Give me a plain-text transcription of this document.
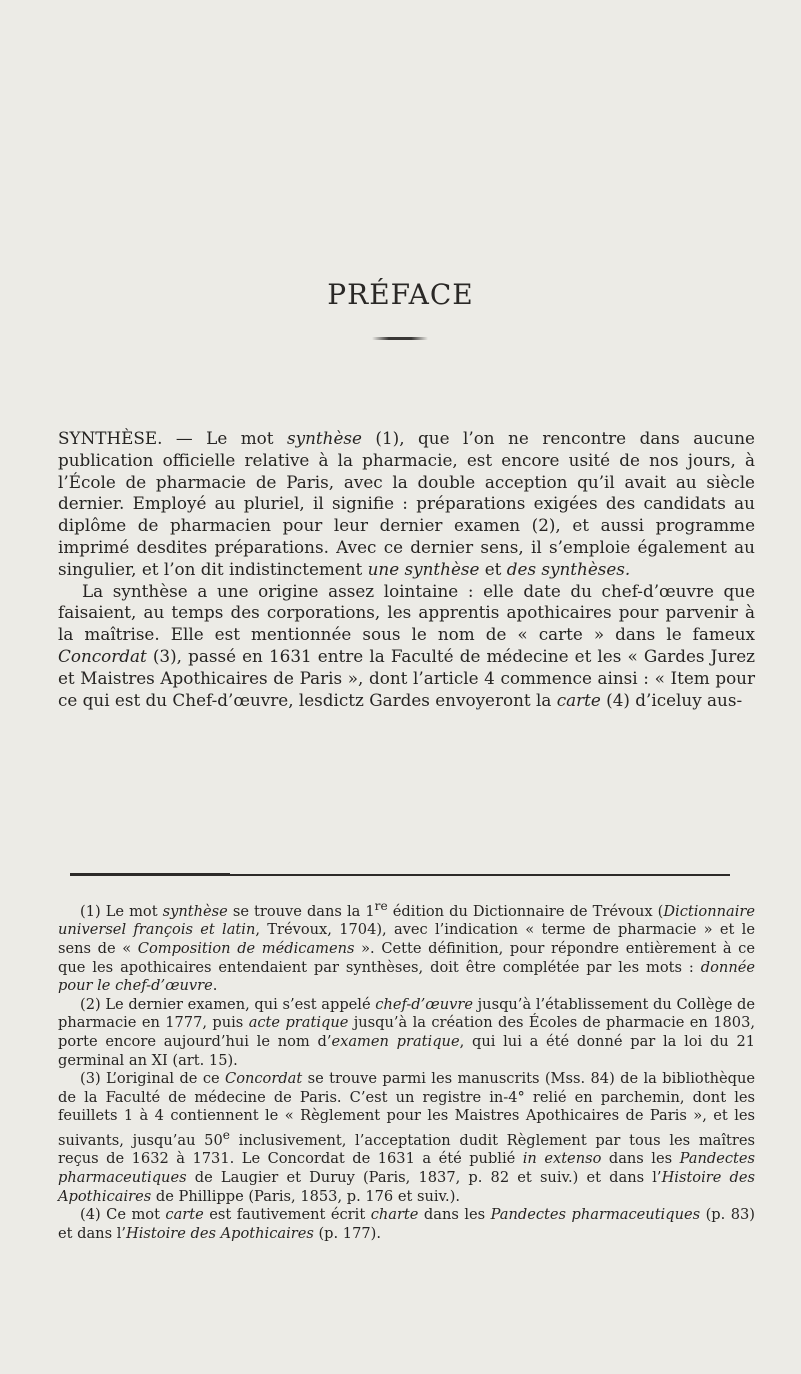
PRÉFACE

SYNTHÈSE. — Le mot synthèse (1), que l’on ne rencontre dans aucune publication officielle relative à la pharmacie, est encore usité de nos jours, à l’École de pharmacie de Paris, avec la double acception qu’il avait au siècle dernier. Employé au pluriel, il signifie : préparations exigées des candidats au diplôme de pharmacien pour leur dernier examen (2), et aussi programme imprimé desdites préparations. Avec ce dernier sens, il s’emploie également au singulier, et l’on dit indistinctement une synthèse et des synthèses.

La synthèse a une origine assez lointaine : elle date du chef-d’œuvre que faisaient, au temps des corporations, les apprentis apothicaires pour parvenir à la maîtrise. Elle est mentionnée sous le nom de « carte » dans le fameux Concordat (3), passé en 1631 entre la Faculté de médecine et les « Gardes Jurez et Maistres Apothicaires de Paris », dont l’article 4 commence ainsi : « Item pour ce qui est du Chef-d’œuvre, lesdictz Gardes envoyeront la carte (4) d’iceluy aus-

(1) Le mot synthèse se trouve dans la 1re édition du Dictionnaire de Trévoux (Dictionnaire universel françois et latin, Trévoux, 1704), avec l’indication « terme de pharmacie » et le sens de « Composition de médicamens ». Cette définition, pour répondre entièrement à ce que les apothicaires entendaient par synthèses, doit être complétée par les mots : donnée pour le chef-d’œuvre.

(2) Le dernier examen, qui s’est appelé chef-d’œuvre jusqu’à l’établissement du Collège de pharmacie en 1777, puis acte pratique jusqu’à la création des Écoles de pharmacie en 1803, porte encore aujourd’hui le nom d’examen pratique, qui lui a été donné par la loi du 21 germinal an XI (art. 15).

(3) L’original de ce Concordat se trouve parmi les manuscrits (Mss. 84) de la bibliothèque de la Faculté de médecine de Paris. C’est un registre in-4° relié en parchemin, dont les feuillets 1 à 4 contiennent le « Règlement pour les Maistres Apothicaires de Paris », et les suivants, jusqu’au 50e inclusivement, l’acceptation dudit Règlement par tous les maîtres reçus de 1632 à 1731. Le Concordat de 1631 a été publié in extenso dans les Pandectes pharmaceutiques de Laugier et Duruy (Paris, 1837, p. 82 et suiv.) et dans l’Histoire des Apothicaires de Phillippe (Paris, 1853, p. 176 et suiv.).

(4) Ce mot carte est fautivement écrit charte dans les Pandectes pharmaceutiques (p. 83) et dans l’Histoire des Apothicaires (p. 177).
